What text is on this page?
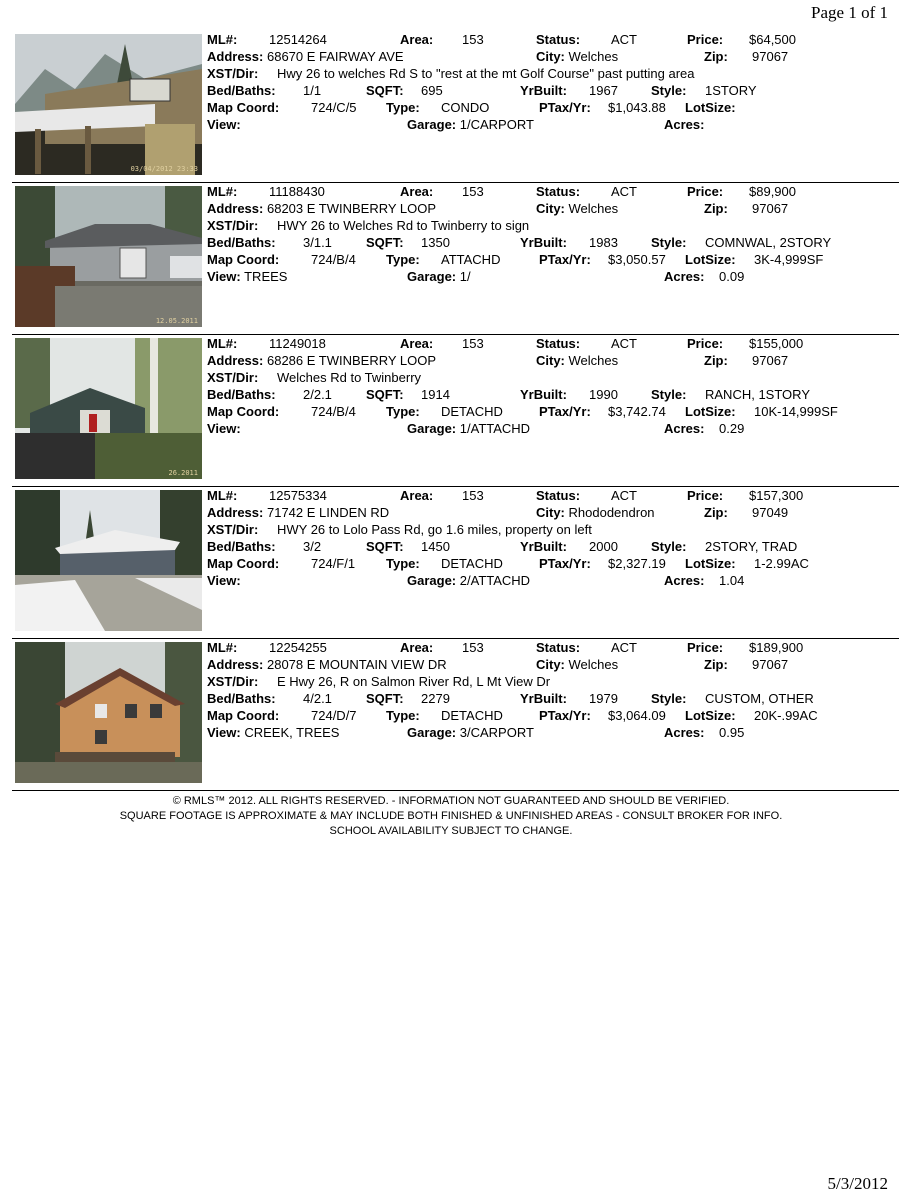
Page 1 of 1
03/04/2012 23:33
ML#: 12514264	Area: 153	Status: ACT	Price: $64,500
Address: 68670 E FAIRWAY AVE	City: Welches	Zip: 97067
XST/Dir: Hwy 26 to welches Rd S to "rest at the mt Golf Course" past putting area
Bed/Baths: 1/1	SQFT: 695	YrBuilt: 1967	Style: 1STORY
Map Coord: 724/C/5 Type: CONDO	PTax/Yr: $1,043.88 LotSize:
View:	Garage: 1/CARPORT	Acres:
12.05.2011
ML#: 11188430	Area: 153	Status: ACT	Price: $89,900
Address: 68203 E TWINBERRY LOOP	City: Welches	Zip: 97067
XST/Dir: HWY 26 to Welches Rd to Twinberry to sign
Bed/Baths: 3/1.1	SQFT: 1350	YrBuilt: 1983	Style: COMNWAL, 2STORY
Map Coord: 724/B/4 Type: ATTACHD	PTax/Yr: $3,050.57 LotSize: 3K-4,999SF
View: TREES	Garage: 1/	Acres: 0.09
26.2011
ML#: 11249018	Area: 153	Status: ACT	Price: $155,000
Address: 68286 E TWINBERRY LOOP	City: Welches	Zip: 97067
XST/Dir: Welches Rd to Twinberry
Bed/Baths: 2/2.1	SQFT: 1914	YrBuilt: 1990	Style: RANCH, 1STORY
Map Coord: 724/B/4 Type: DETACHD	PTax/Yr: $3,742.74 LotSize: 10K-14,999SF
View:	Garage: 1/ATTACHD	Acres: 0.29
ML#: 12575334	Area: 153	Status: ACT	Price: $157,300
Address: 71742 E LINDEN RD	City: Rhododendron	Zip: 97049
XST/Dir: HWY 26 to Lolo Pass Rd, go 1.6 miles, property on left
Bed/Baths: 3/2	SQFT: 1450	YrBuilt: 2000	Style: 2STORY, TRAD
Map Coord: 724/F/1 Type: DETACHD	PTax/Yr: $2,327.19 LotSize: 1-2.99AC
View:	Garage: 2/ATTACHD	Acres: 1.04
ML#: 12254255	Area: 153	Status: ACT	Price: $189,900
Address: 28078 E MOUNTAIN VIEW DR	City: Welches	Zip: 97067
XST/Dir: E Hwy 26, R on Salmon River Rd, L Mt View Dr
Bed/Baths: 4/2.1	SQFT: 2279	YrBuilt: 1979	Style: CUSTOM, OTHER
Map Coord: 724/D/7 Type: DETACHD	PTax/Yr: $3,064.09 LotSize: 20K-.99AC
View: CREEK, TREES	Garage: 3/CARPORT	Acres: 0.95
© RMLS™ 2012. ALL RIGHTS RESERVED. - INFORMATION NOT GUARANTEED AND SHOULD BE VERIFIED.
SQUARE FOOTAGE IS APPROXIMATE & MAY INCLUDE BOTH FINISHED & UNFINISHED AREAS - CONSULT BROKER FOR INFO.
SCHOOL AVAILABILITY SUBJECT TO CHANGE.
5/3/2012
